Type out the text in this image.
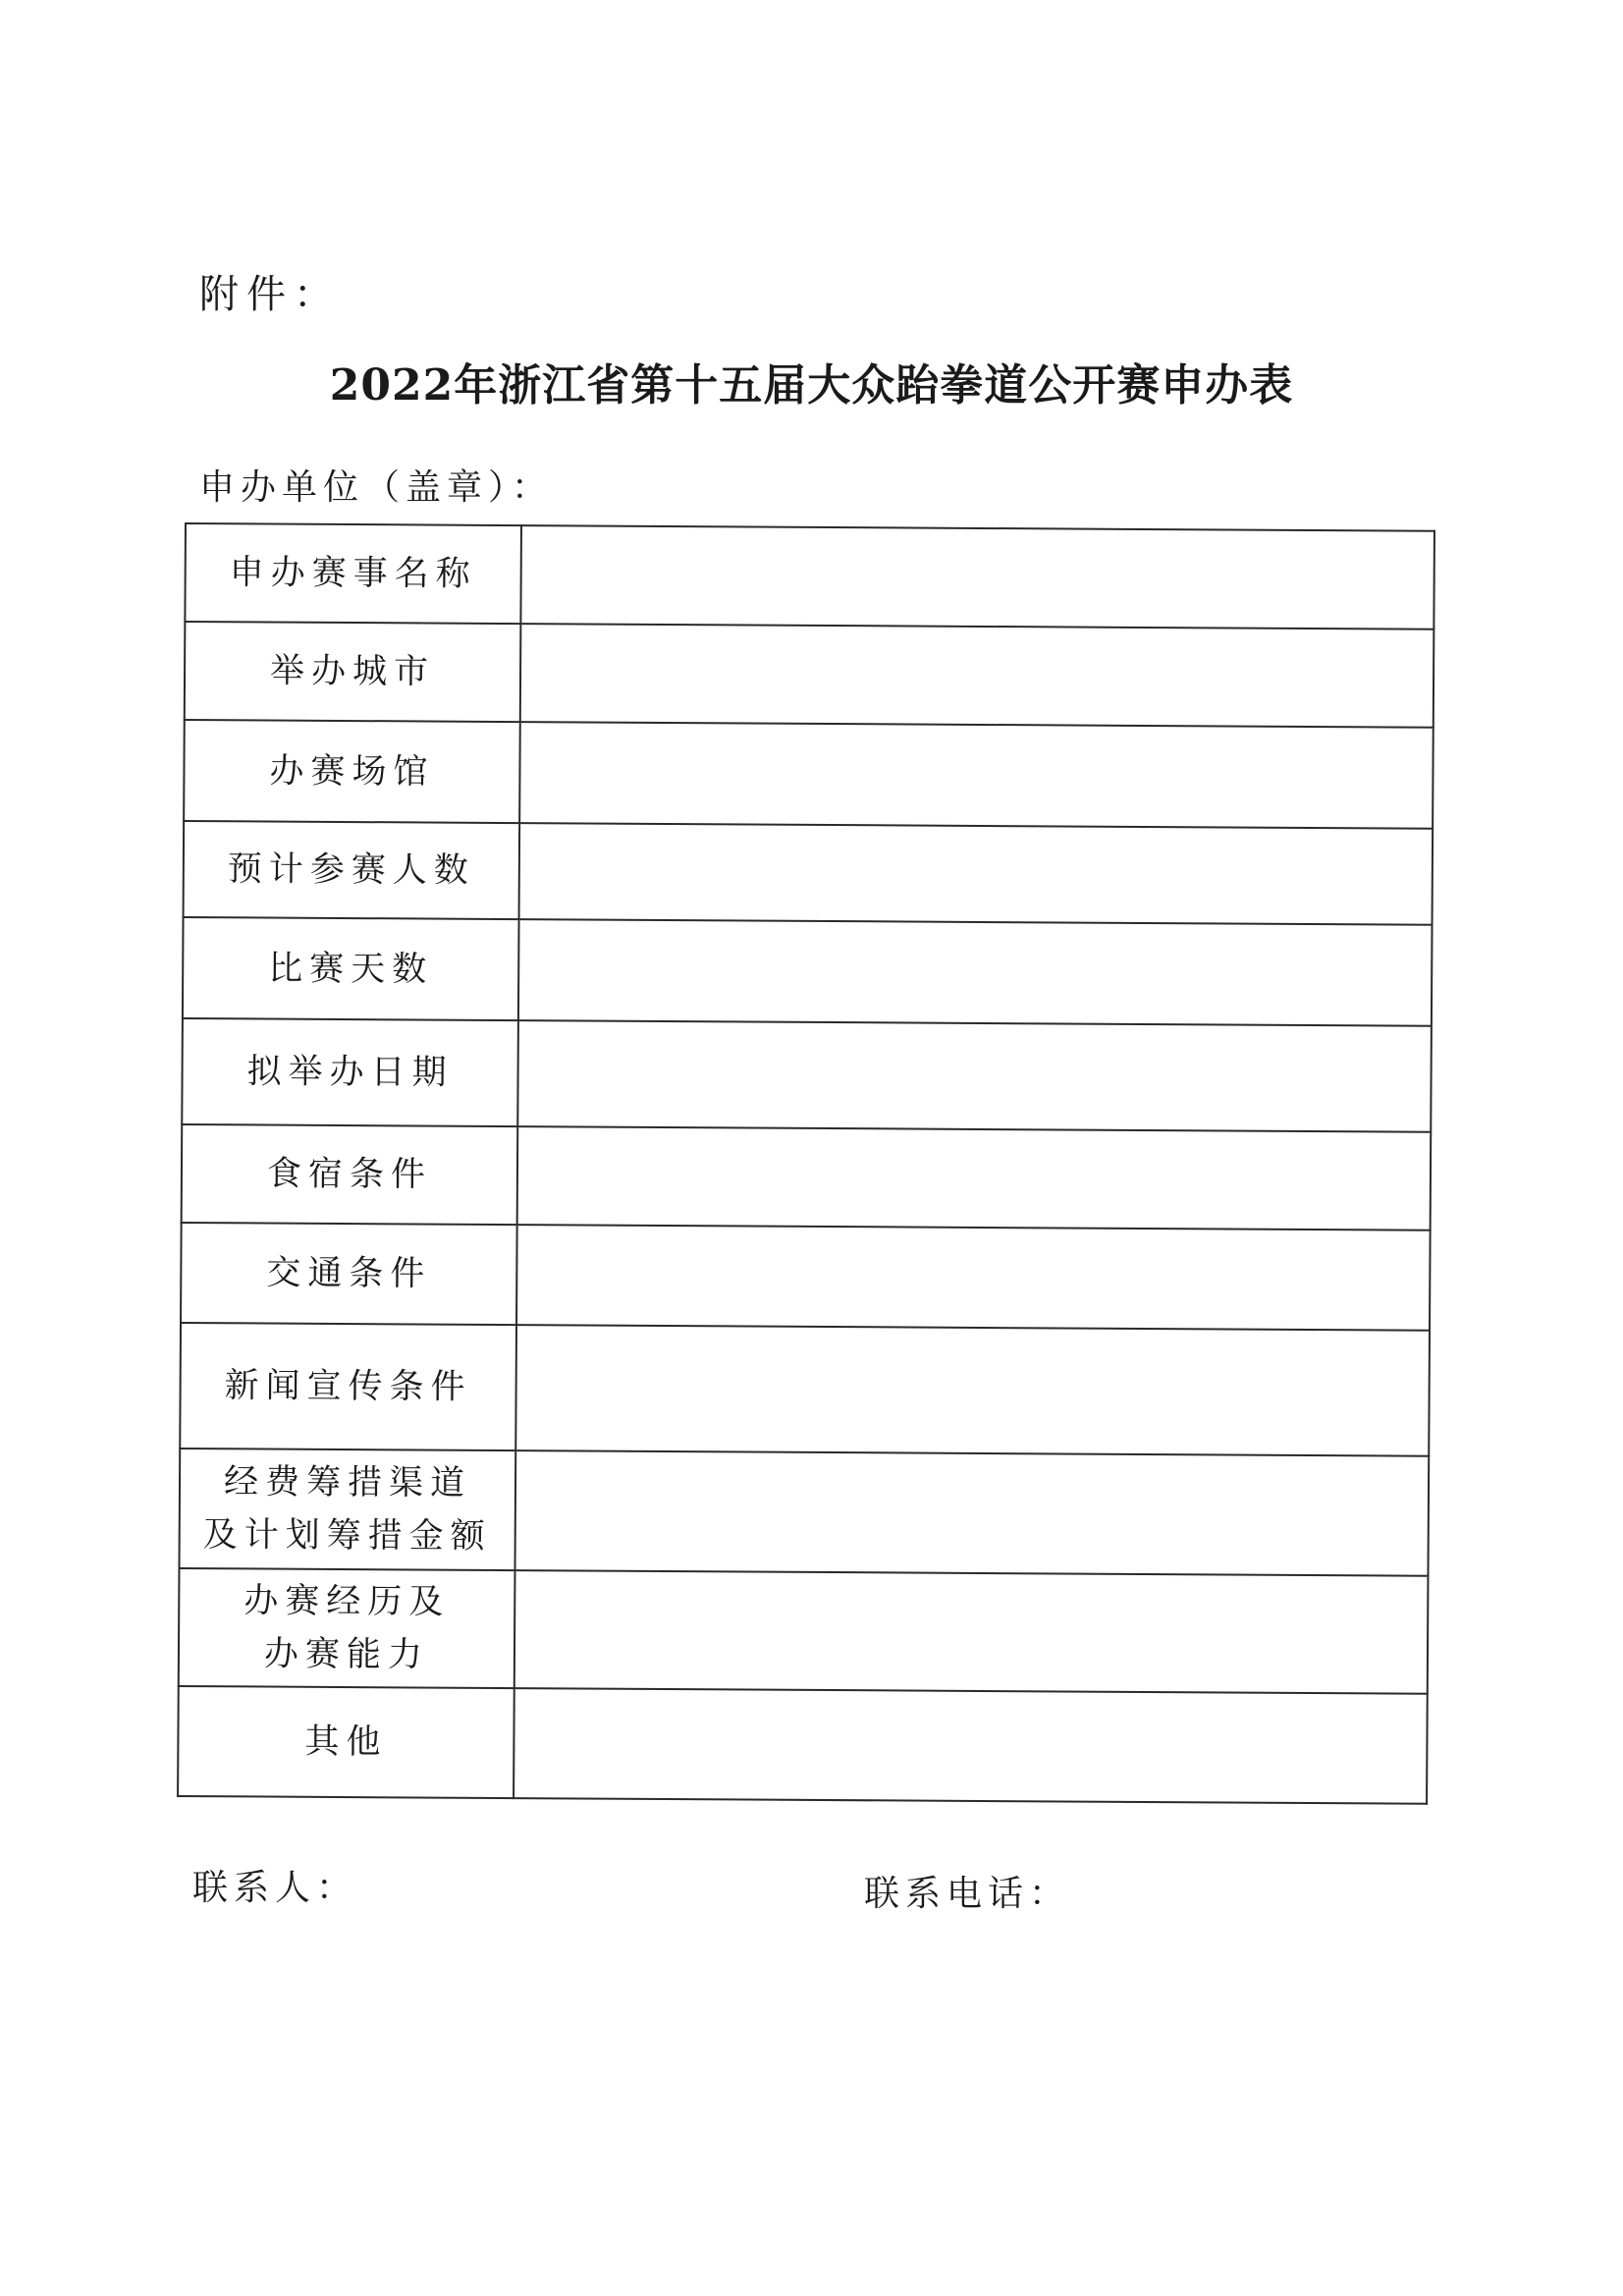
附件：
2022年浙江省第十五届大众跆拳道公开赛申办表
申办单位（盖章）：
申办赛事名称	
举办城市	
办赛场馆	
预计参赛人数	
比赛天数	
拟举办日期	
食宿条件	
交通条件	
新闻宣传条件	

经费筹措渠道
及计划筹措金额	

办赛经历及
办赛能力	

其他	
联系人：	联系电话：
